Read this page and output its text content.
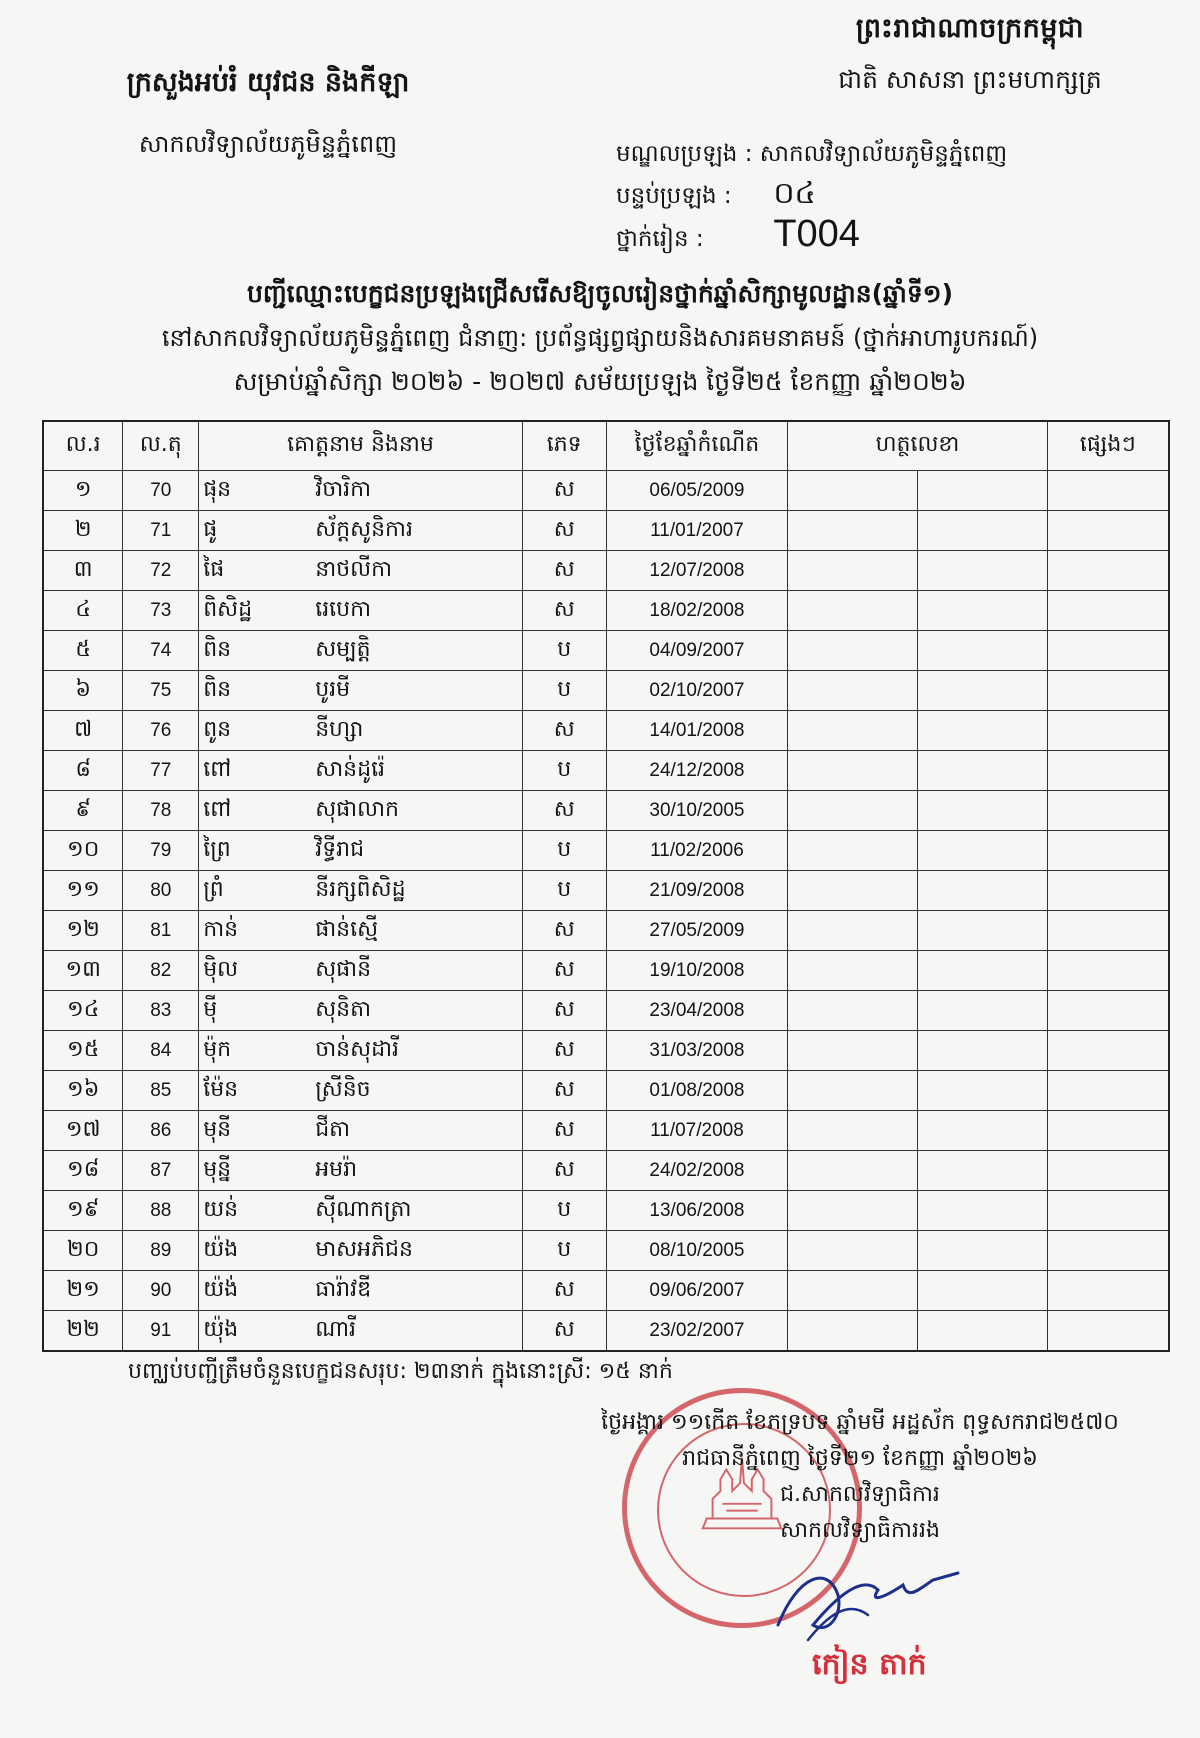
ព្រះរាជាណាចក្រកម្ពុជា
ជាតិ សាសនា ព្រះមហាក្សត្រ
ក្រសួងអប់រំ យុវជន និងកីឡា
សាកលវិទ្យាល័យភូមិន្ទភ្នំពេញ	មណ្ឌលប្រឡង : សាកលវិទ្យាល័យភូមិន្ទភ្នំពេញ
បន្ទប់ប្រឡង : ០៤
ថ្នាក់រៀន : T004
បញ្ជីឈ្មោះបេក្ខជនប្រឡងជ្រើសរើសឱ្យចូលរៀនថ្នាក់ឆ្នាំសិក្សាមូលដ្ឋាន(ឆ្នាំទី១)
នៅសាកលវិទ្យាល័យភូមិន្ទភ្នំពេញ ជំនាញ: ប្រព័ន្ធផ្សព្វផ្សាយនិងសារគមនាគមន៍ (ថ្នាក់អាហារូបករណ៍)
សម្រាប់ឆ្នាំសិក្សា ២០២៦ - ២០២៧ សម័យប្រឡង ថ្ងៃទី២៥ ខែកញ្ញា ឆ្នាំ២០២៦
ល.រ	ល.តុ	គោត្តនាម និងនាម	ភេទ	ថ្ងៃខែឆ្នាំកំណើត	ហត្ថលេខា		ផ្សេងៗ
១	70	ផុន វិចារិកា	ស	06/05/2009			
២	71	ផូ ស័ក្តសូនិការ	ស	11/01/2007			
៣	72	ផៃ នាថលីកា	ស	12/07/2008			
៤	73	ពិសិដ្ឋ រេបេកា	ស	18/02/2008			
៥	74	ពិន សម្បត្តិ	ប	04/09/2007			
៦	75	ពិន បូរមី	ប	02/10/2007			
៧	76	ពូន នីហ្សា	ស	14/01/2008			
៨	77	ពៅ សាន់ដូរ៉េ	ប	24/12/2008			
៩	78	ពៅ សុផាលាក	ស	30/10/2005			
១០	79	ព្រៃ វិទ្ធីរាជ	ប	11/02/2006			
១១	80	ព្រំ នីរក្សពិសិដ្ឋ	ប	21/09/2008			
១២	81	កាន់ ផាន់ស្មើ	ស	27/05/2009			
១៣	82	ម៉ិល សុផានី	ស	19/10/2008			
១៤	83	ម៉ី សុនិតា	ស	23/04/2008			
១៥	84	ម៉ុក ចាន់សុដារី	ស	31/03/2008			
១៦	85	ម៉ែន ស្រីនិច	ស	01/08/2008			
១៧	86	មុនី ជីតា	ស	11/07/2008			
១៨	87	មុន្នី អមរ៉ា	ស	24/02/2008			
១៩	88	យន់ ស៊ីណាកត្រា	ប	13/06/2008			
២០	89	យ៉ង មាសអភិជន	ប	08/10/2005			
២១	90	យ៉ង់ ធារ៉ាវឌី	ស	09/06/2007			
២២	91	យ៉ុង ណារី	ស	23/02/2007			
បញ្ឈប់បញ្ជីត្រឹមចំនួនបេក្ខជនសរុប: ២៣នាក់ ក្នុងនោះស្រី: ១៥ នាក់
ថ្ងៃអង្គារ ១១កើត ខែភទ្របទ ឆ្នាំមមី អដ្ឋស័ក ពុទ្ធសករាជ២៥៧០
រាជធានីភ្នំពេញ ថ្ងៃទី២១ ខែកញ្ញា ឆ្នាំ២០២៦
ជ.សាកលវិទ្យាធិការ
សាកលវិទ្យាធិការរង
កៀន តាក់
